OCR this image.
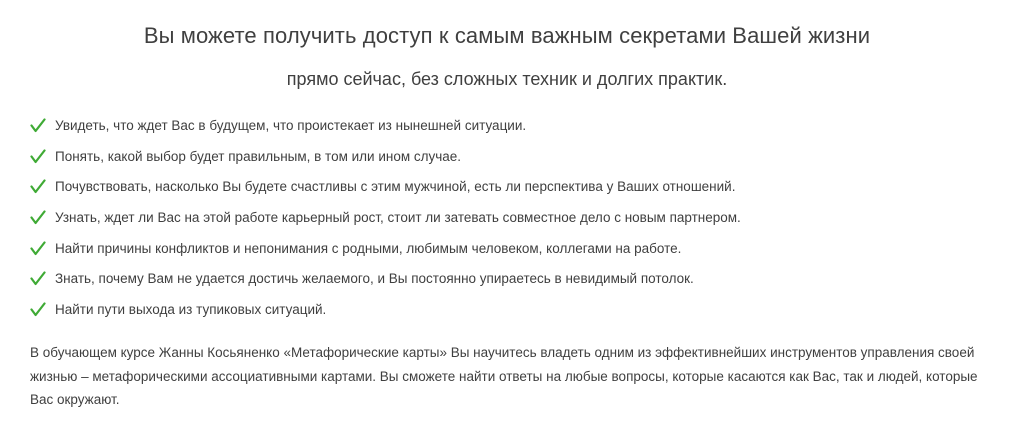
Вы можете получить доступ к самым важным секретами Вашей жизни
прямо сейчас, без сложных техник и долгих практик.
Увидеть, что ждет Вас в будущем, что проистекает из нынешней ситуации.
Понять, какой выбор будет правильным, в том или ином случае.
Почувствовать, насколько Вы будете счастливы с этим мужчиной, есть ли перспектива у Ваших отношений.
Узнать, ждет ли Вас на этой работе карьерный рост, стоит ли затевать совместное дело с новым партнером.
Найти причины конфликтов и непонимания с родными, любимым человеком, коллегами на работе.
Знать, почему Вам не удается достичь желаемого, и Вы постоянно упираетесь в невидимый потолок.
Найти пути выхода из тупиковых ситуаций.

В обучающем курсе Жанны Косьяненко «Метафорические карты» Вы научитесь владеть одним из эффективнейших инструментов управления своей жизнью – метафорическими ассоциативными картами. Вы сможете найти ответы на любые вопросы, которые касаются как Вас, так и людей, которые Вас окружают.
